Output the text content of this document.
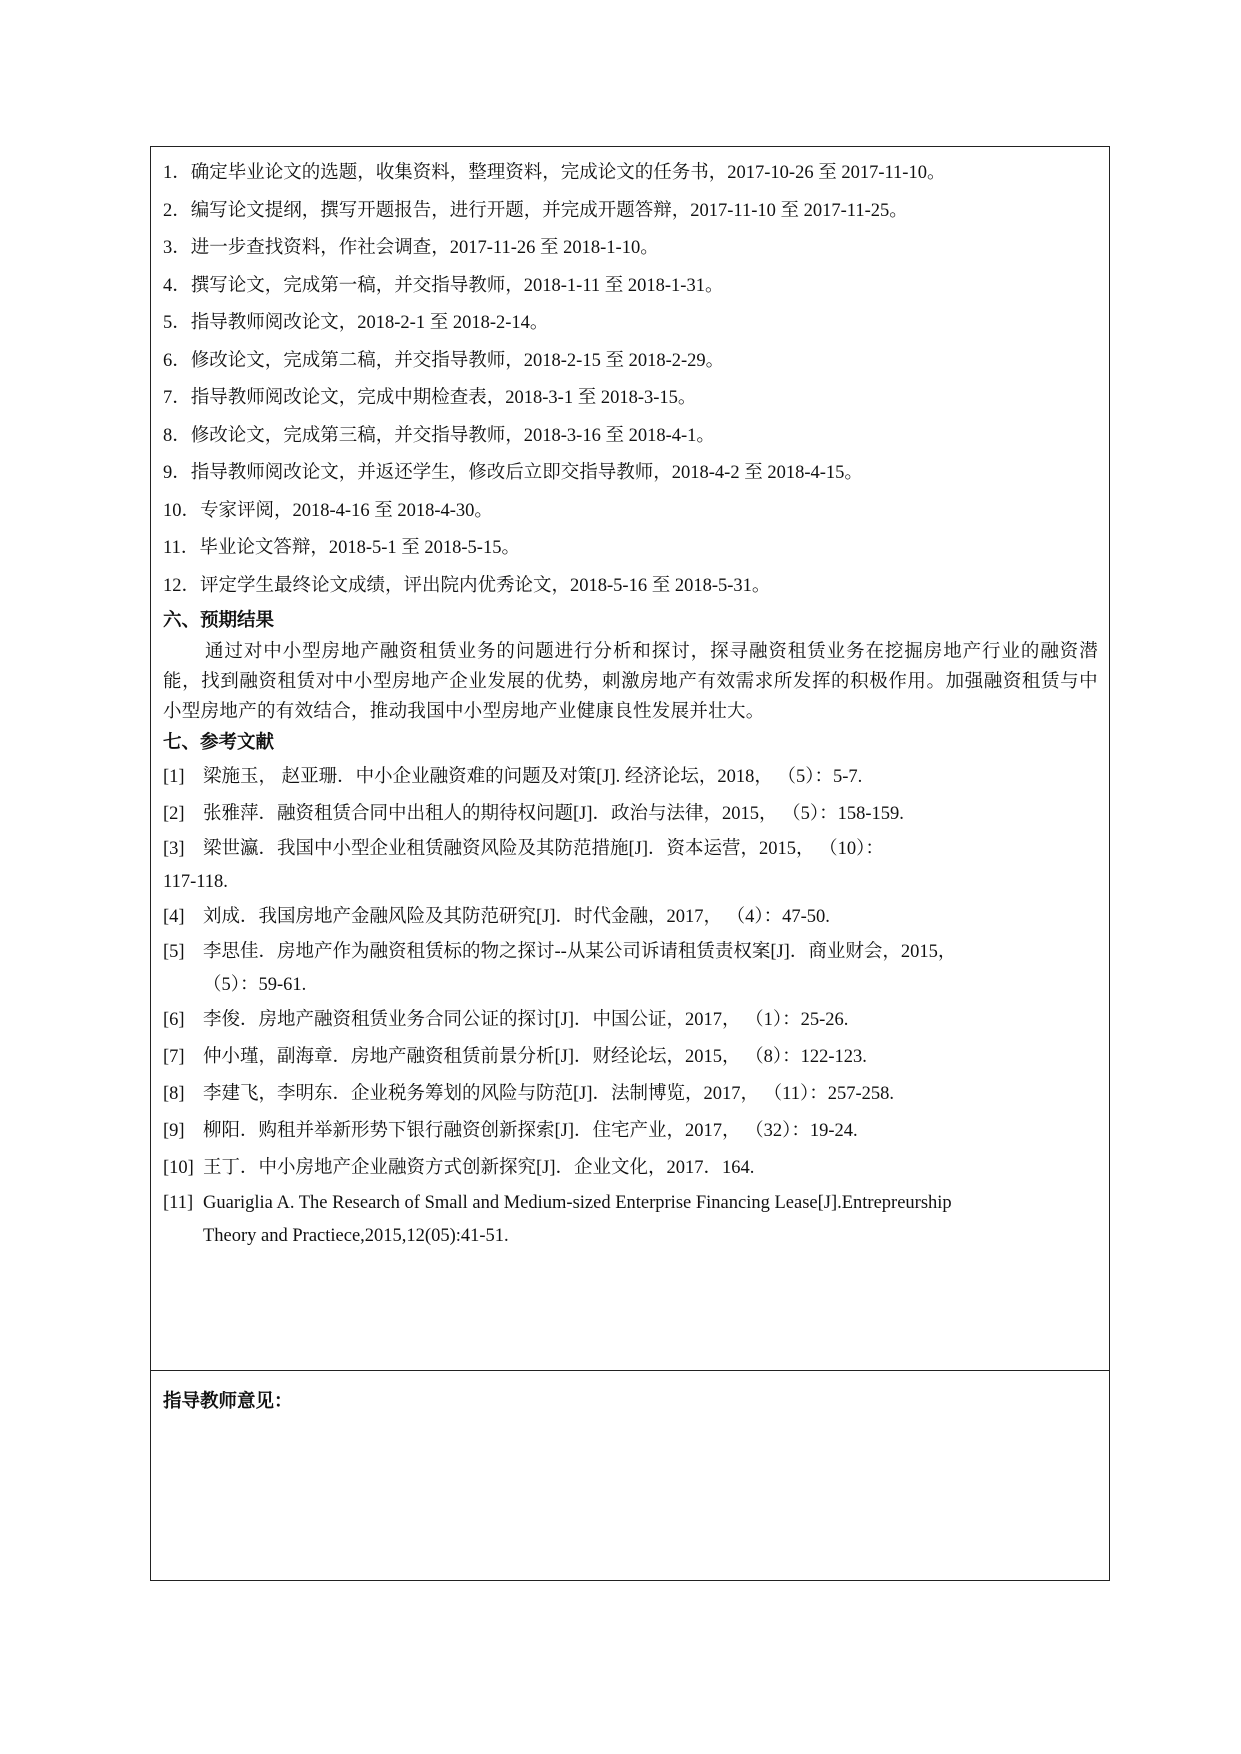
1．确定毕业论文的选题，收集资料，整理资料，完成论文的任务书，2017-10-26 至 2017-11-10。
2．编写论文提纲，撰写开题报告，进行开题，并完成开题答辩，2017-11-10 至 2017-11-25。
3．进一步查找资料，作社会调查，2017-11-26 至 2018-1-10。
4．撰写论文，完成第一稿，并交指导教师，2018-1-11 至 2018-1-31。
5．指导教师阅改论文，2018-2-1 至 2018-2-14。
6．修改论文，完成第二稿，并交指导教师，2018-2-15 至 2018-2-29。
7．指导教师阅改论文，完成中期检查表，2018-3-1 至 2018-3-15。
8．修改论文，完成第三稿，并交指导教师，2018-3-16 至 2018-4-1。
9．指导教师阅改论文，并返还学生，修改后立即交指导教师，2018-4-2 至 2018-4-15。
10．专家评阅，2018-4-16 至 2018-4-30。
11．毕业论文答辩，2018-5-1 至 2018-5-15。
12．评定学生最终论文成绩，评出院内优秀论文，2018-5-16 至 2018-5-31。
六、预期结果
通过对中小型房地产融资租赁业务的问题进行分析和探讨，探寻融资租赁业务在挖掘房地产行业的融资潜能，找到融资租赁对中小型房地产企业发展的优势，刺激房地产有效需求所发挥的积极作用。加强融资租赁与中小型房地产的有效结合，推动我国中小型房地产业健康良性发展并壮大。
七、参考文献
[1] 梁施玉， 赵亚珊．中小企业融资难的问题及对策[J]. 经济论坛，2018， （5）：5-7.
[2] 张雅萍．融资租赁合同中出租人的期待权问题[J]．政治与法律，2015， （5）：158-159.
[3] 梁世瀛．我国中小型企业租赁融资风险及其防范措施[J]．资本运营，2015， （10）：
117-118.
[4] 刘成．我国房地产金融风险及其防范研究[J]．时代金融，2017， （4）：47-50.
[5] 李思佳．房地产作为融资租赁标的物之探讨--从某公司诉请租赁责权案[J]．商业财会，2015，
（5）：59-61.
[6] 李俊．房地产融资租赁业务合同公证的探讨[J]．中国公证，2017， （1）：25-26.
[7] 仲小瑾，副海章．房地产融资租赁前景分析[J]．财经论坛，2015， （8）：122-123.
[8] 李建飞，李明东．企业税务筹划的风险与防范[J]．法制博览，2017， （11）：257-258.
[9] 柳阳．购租并举新形势下银行融资创新探索[J]．住宅产业，2017， （32）：19-24.
[10] 王丁．中小房地产企业融资方式创新探究[J]．企业文化，2017．164.
[11] Guariglia A. The Research of Small and Medium-sized Enterprise Financing Lease[J].Entrepreurship
Theory and Practiece,2015,12(05):41-51.
指导教师意见：
